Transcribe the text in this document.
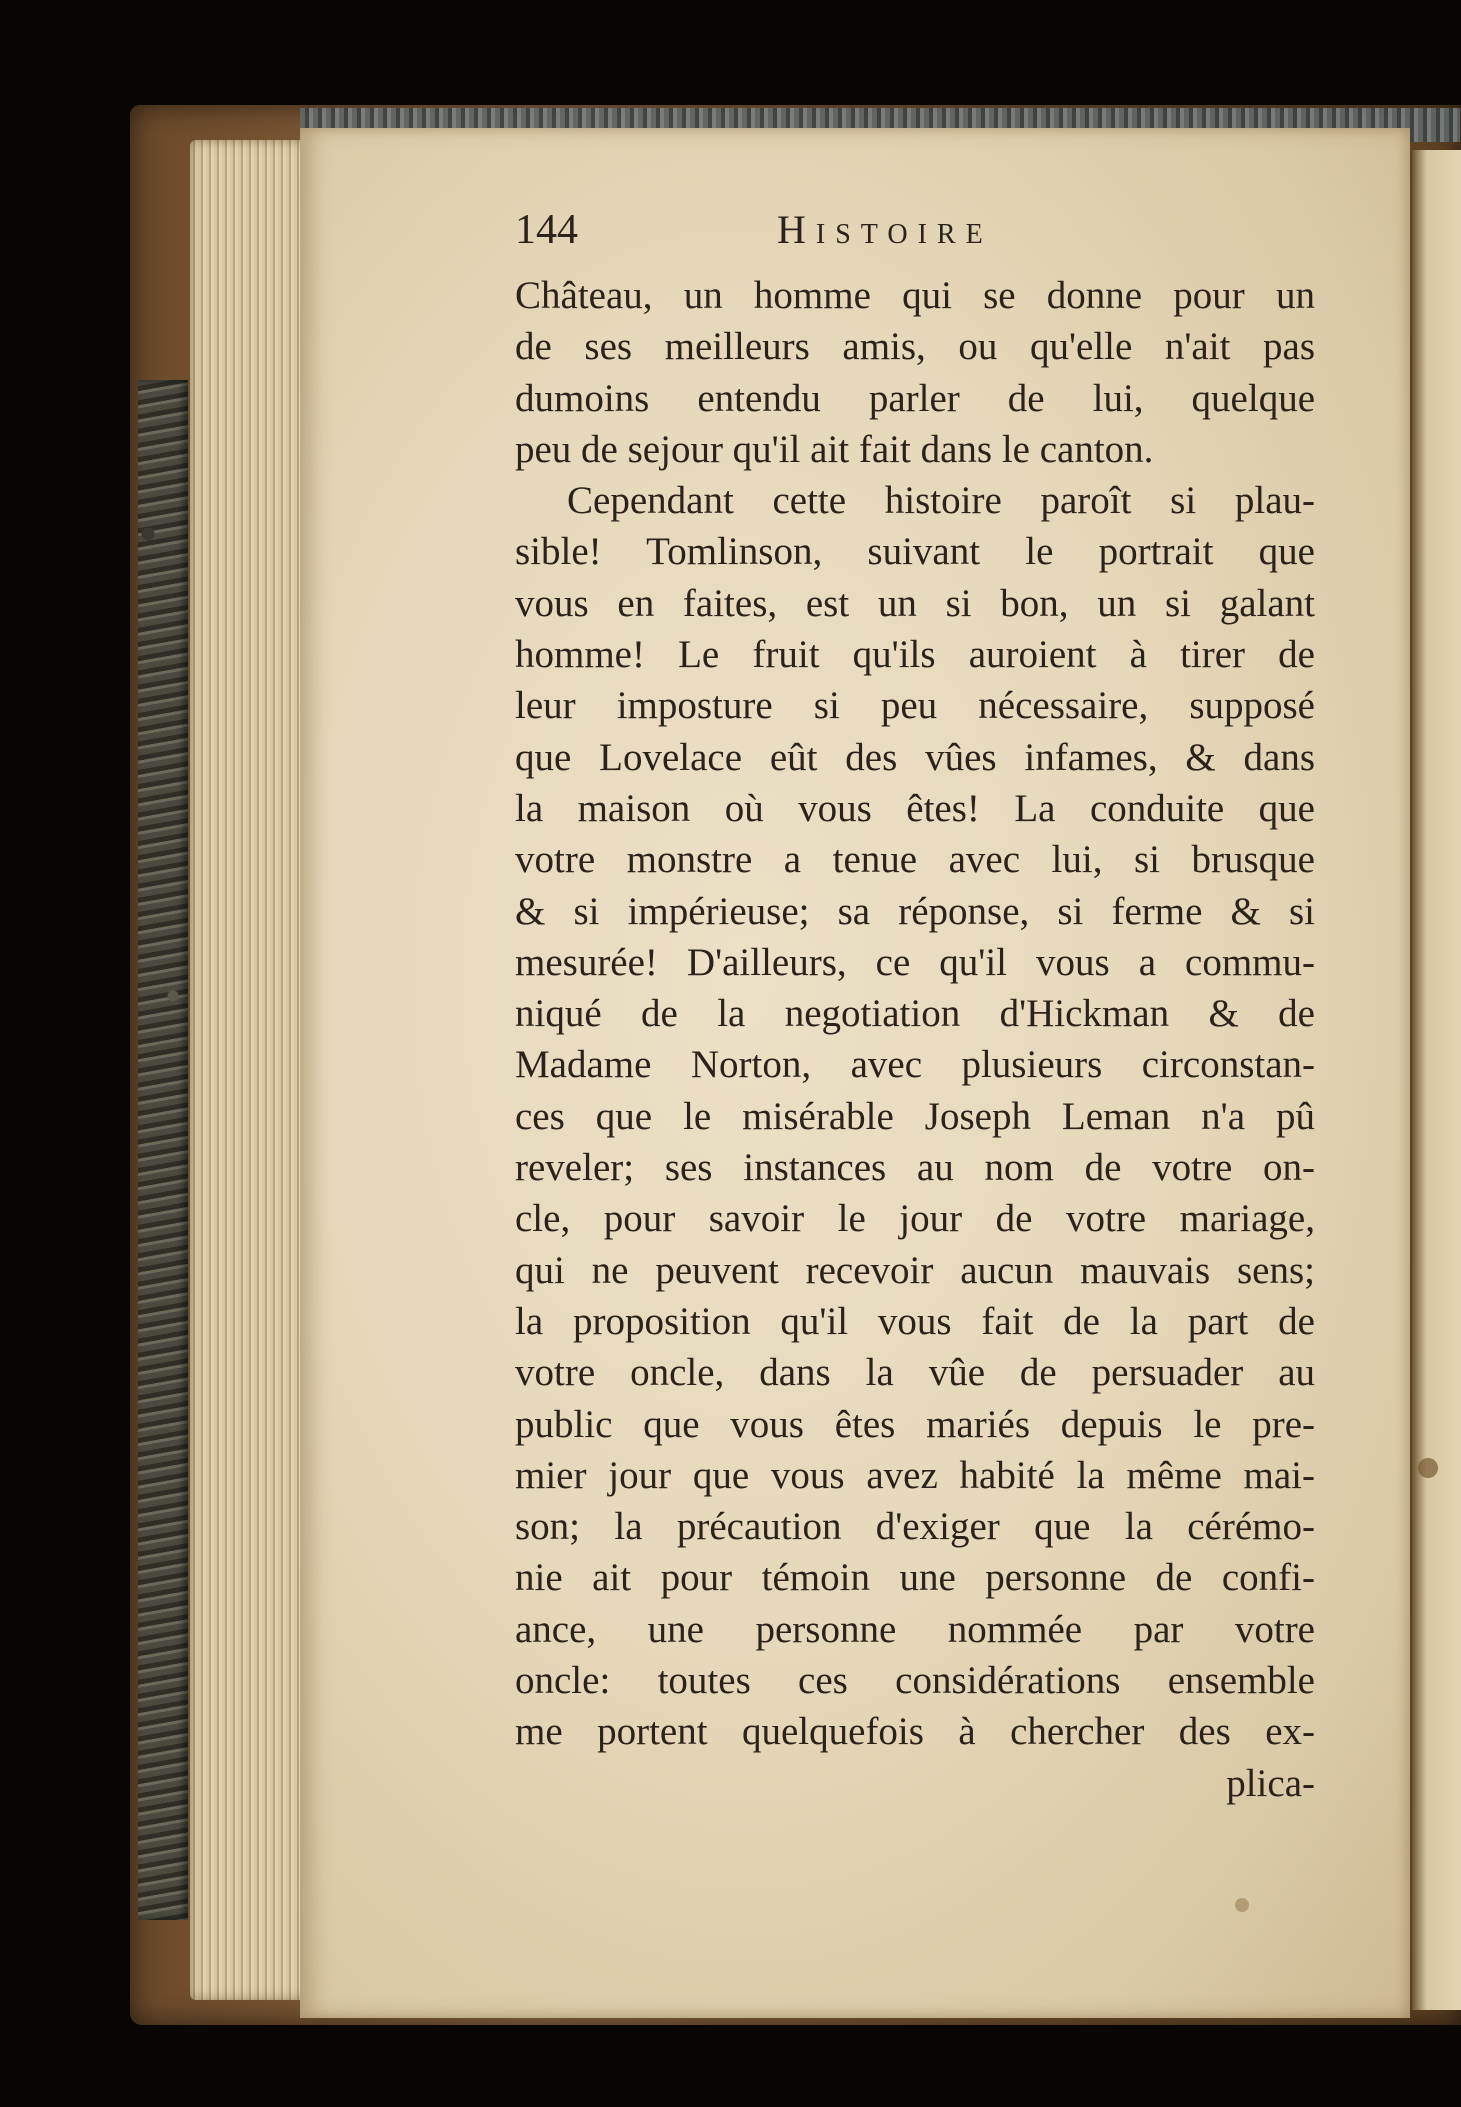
144	Histoire
Château, un homme qui se donne pour un
de ses meilleurs amis, ou qu'elle n'ait pas
dumoins entendu parler de lui, quelque
peu de sejour qu'il ait fait dans le canton.
Cependant cette histoire paroît si plau-
sible! Tomlinson, suivant le portrait que
vous en faites, est un si bon, un si galant
homme! Le fruit qu'ils auroient à tirer de
leur imposture si peu nécessaire, supposé
que Lovelace eût des vûes infames, & dans
la maison où vous êtes! La conduite que
votre monstre a tenue avec lui, si brusque
& si impérieuse; sa réponse, si ferme & si
mesurée! D'ailleurs, ce qu'il vous a commu-
niqué de la negotiation d'Hickman & de
Madame Norton, avec plusieurs circonstan-
ces que le misérable Joseph Leman n'a pû
reveler; ses instances au nom de votre on-
cle, pour savoir le jour de votre mariage,
qui ne peuvent recevoir aucun mauvais sens;
la proposition qu'il vous fait de la part de
votre oncle, dans la vûe de persuader au
public que vous êtes mariés depuis le pre-
mier jour que vous avez habité la même mai-
son; la précaution d'exiger que la cérémo-
nie ait pour témoin une personne de confi-
ance, une personne nommée par votre
oncle: toutes ces considérations ensemble
me portent quelquefois à chercher des ex-
plica-
